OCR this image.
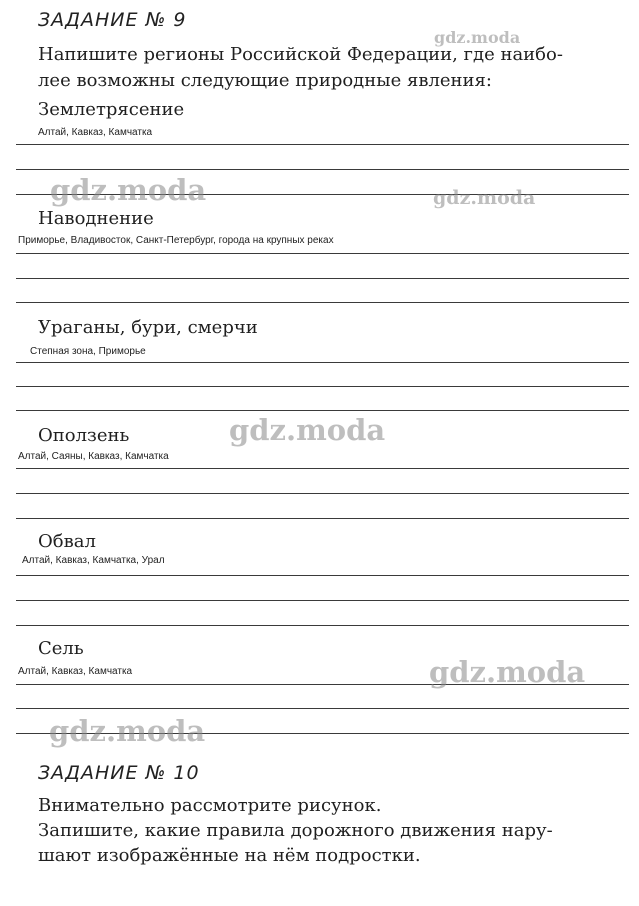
ЗАДАНИЕ № 9
Напишите регионы Российской Федерации, где наибо-
лее возможны следующие природные явления:
Землетрясение
Алтай, Кавказ, Камчатка
Наводнение
Приморье, Владивосток, Санкт-Петербург, города на крупных реках
Ураганы, бури, смерчи
Степная зона, Приморье
Оползень
Алтай, Саяны, Кавказ, Камчатка
Обвал
Алтай, Кавказ, Камчатка, Урал
Сель
Алтай, Кавказ, Камчатка
ЗАДАНИЕ № 10
Внимательно рассмотрите рисунок.
Запишите, какие правила дорожного движения нару-
шают изображённые на нём подростки.
gdz.moda
gdz.moda	gdz.moda
gdz.moda
gdz.moda
gdz.moda
